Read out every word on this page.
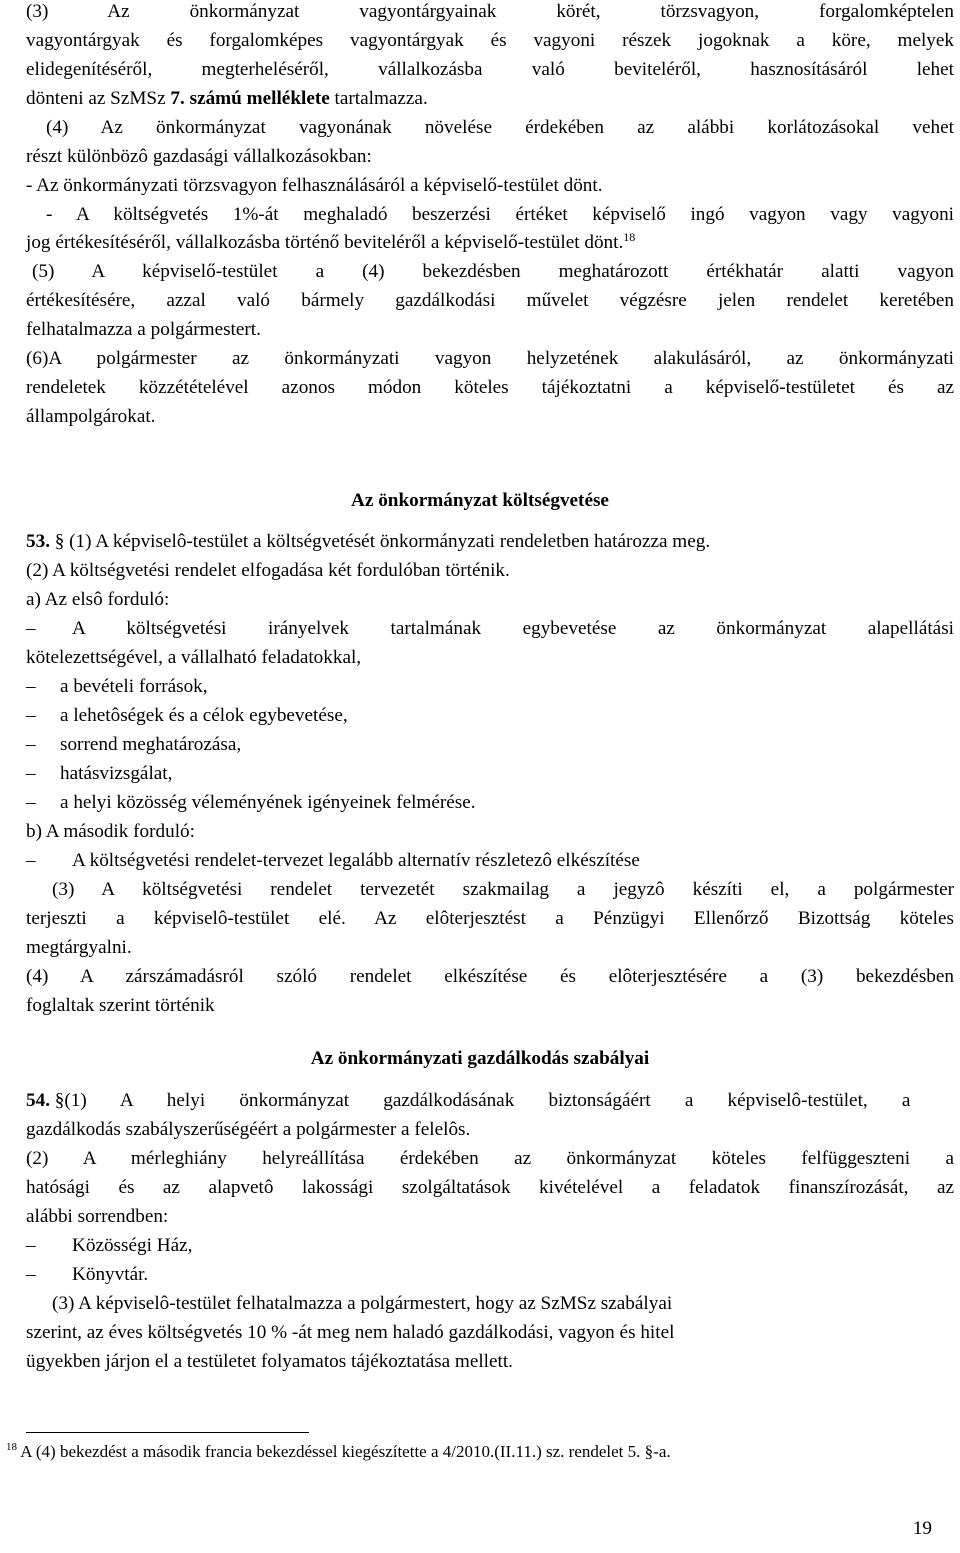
(3) Az önkormányzat vagyontárgyainak körét, törzsvagyon, forgalomképtelen
vagyontárgyak és forgalomképes vagyontárgyak és vagyoni részek jogoknak a köre, melyek
elidegenítéséről, megterheléséről, vállalkozásba való beviteléről, hasznosításáról lehet
dönteni az SzMSz 7. számú melléklete tartalmazza.
(4) Az önkormányzat vagyonának növelése érdekében az alábbi korlátozásokal vehet
részt különbözô gazdasági vállalkozásokban:
- Az önkormányzati törzsvagyon felhasználásáról a képviselő-testület dönt.
- A költségvetés 1%-át meghaladó beszerzési értéket képviselő ingó vagyon vagy vagyoni
jog értékesítéséről, vállalkozásba történő beviteléről a képviselő-testület dönt.$^{18}$
(5) A képviselő-testület a (4) bekezdésben meghatározott értékhatár alatti vagyon
értékesítésére, azzal való bármely gazdálkodási művelet végzésre jelen rendelet keretében
felhatalmazza a polgármestert.
(6)A polgármester az önkormányzati vagyon helyzetének alakulásáról, az önkormányzati
rendeletek közzétételével azonos módon köteles tájékoztatni a képviselő-testületet és az
állampolgárokat.
Az önkormányzat költségvetése
53. § (1) A képviselô-testület a költségvetését önkormányzati rendeletben határozza meg.
(2) A költségvetési rendelet elfogadása két fordulóban történik.
a) Az elsô forduló:
– A költségvetési irányelvek tartalmának egybevetése az önkormányzat alapellátási
kötelezettségével, a vállalható feladatokkal,
– a bevételi források,
– a lehetôségek és a célok egybevetése,
– sorrend meghatározása,
– hatásvizsgálat,
– a helyi közösség véleményének igényeinek felmérése.
b) A második forduló:
– A költségvetési rendelet-tervezet legalább alternatív részletezô elkészítése
(3) A költségvetési rendelet tervezetét szakmailag a jegyzô készíti el, a polgármester
terjeszti a képviselô-testület elé. Az elôterjesztést a Pénzügyi Ellenőrző Bizottság köteles
megtárgyalni.
(4) A zárszámadásról szóló rendelet elkészítése és elôterjesztésére a (3) bekezdésben
foglaltak szerint történik
Az önkormányzati gazdálkodás szabályai
54. §(1) A helyi önkormányzat gazdálkodásának biztonságáért a képviselô-testület, a
gazdálkodás szabályszerűségéért a polgármester a felelôs.
(2) A mérleghiány helyreállítása érdekében az önkormányzat köteles felfüggeszteni a
hatósági és az alapvetô lakossági szolgáltatások kivételével a feladatok finanszírozását, az
alábbi sorrendben:
– Közösségi Ház,
– Könyvtár.
(3) A képviselô-testület felhatalmazza a polgármestert, hogy az SzMSz szabályai
szerint, az éves költségvetés 10 % -át meg nem haladó gazdálkodási, vagyon és hitel
ügyekben járjon el a testületet folyamatos tájékoztatása mellett.
$^{18}$ A (4) bekezdést a második francia bekezdéssel kiegészítette a 4/2010.(II.11.) sz. rendelet 5. §-a.
19
